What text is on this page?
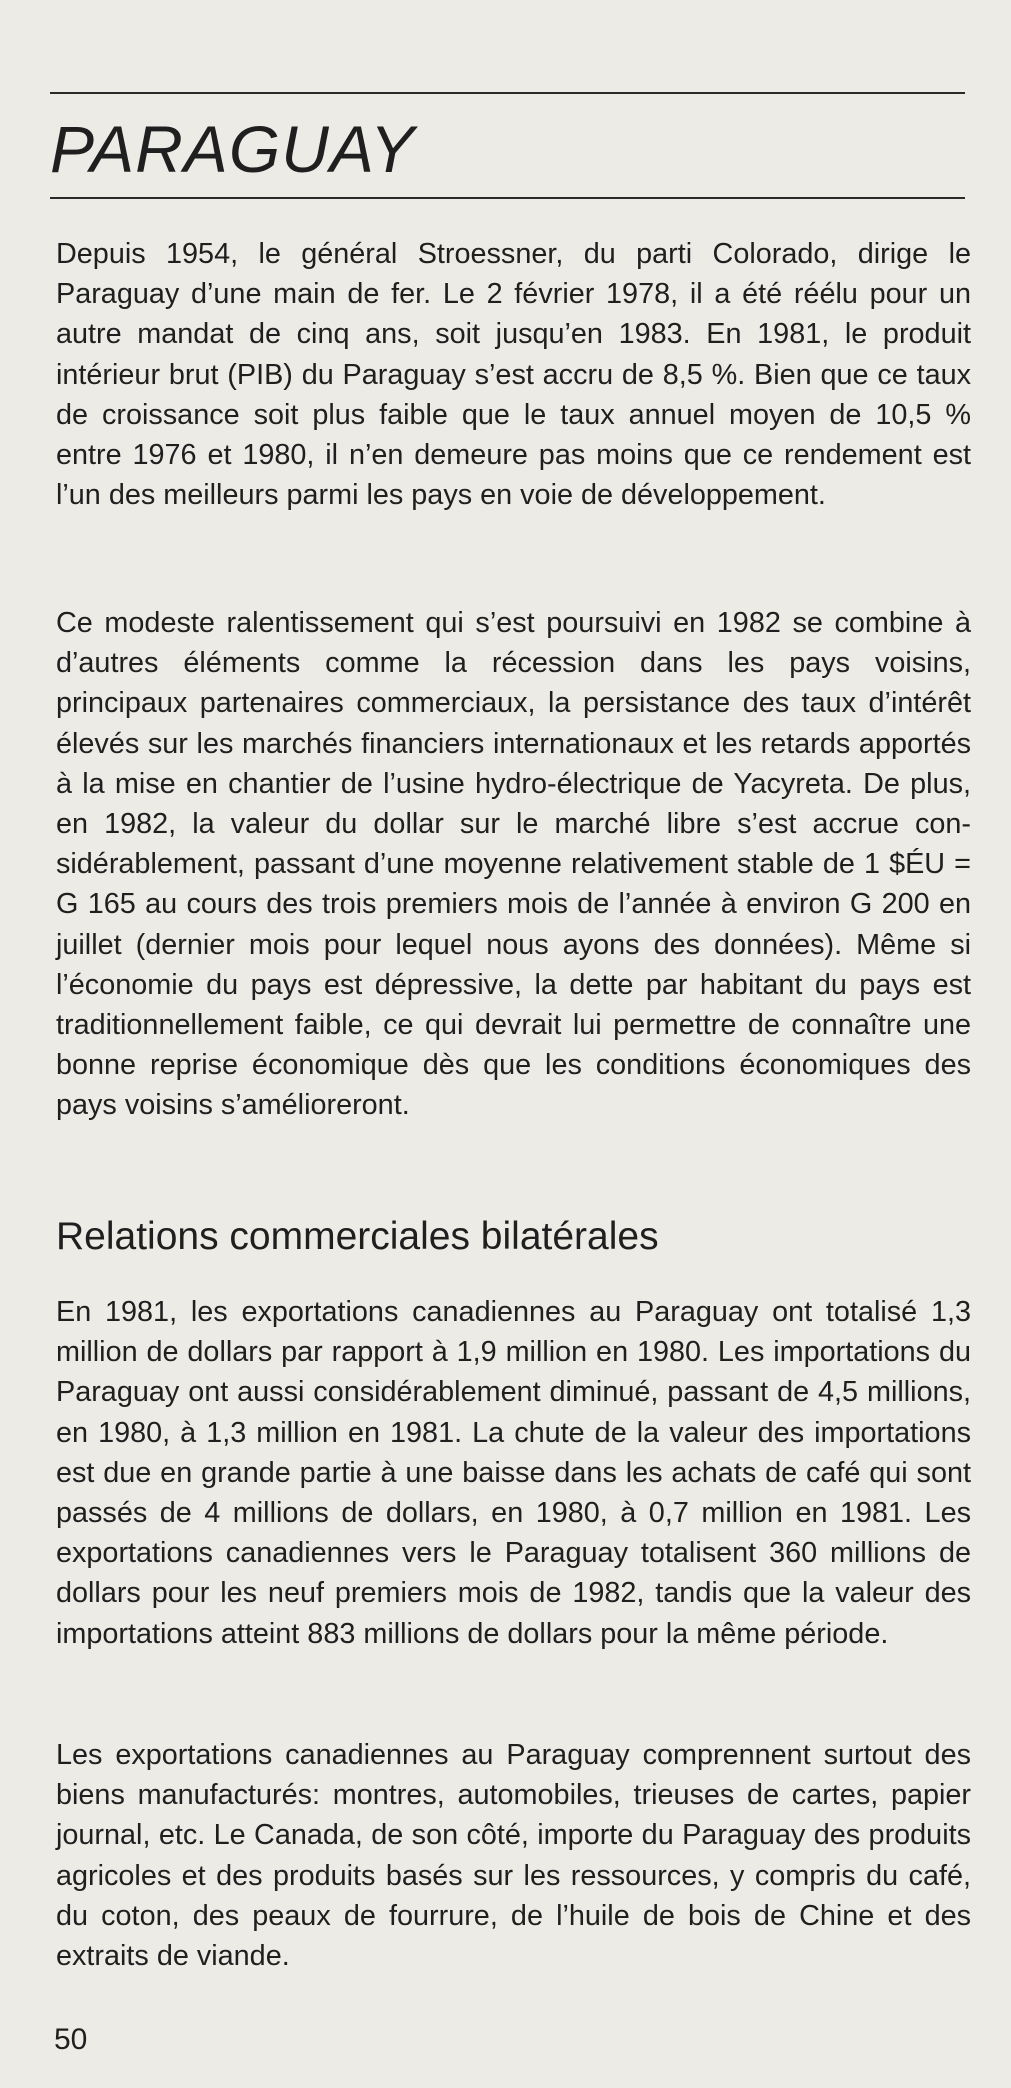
PARAGUAY

Depuis 1954, le général Stroessner, du parti Colorado, dirige le Paraguay d’une main de fer. Le 2 février 1978, il a été réélu pour un autre mandat de cinq ans, soit jusqu’en 1983. En 1981, le produit intérieur brut (PIB) du Paraguay s’est accru de 8,5 %. Bien que ce taux de croissance soit plus faible que le taux annuel moyen de 10,5 % entre 1976 et 1980, il n’en demeure pas moins que ce rendement est l’un des meilleurs parmi les pays en voie de développement.

Ce modeste ralentissement qui s’est poursuivi en 1982 se combine à d’autres éléments comme la récession dans les pays voisins, principaux partenaires commerciaux, la persistance des taux d’intérêt élevés sur les marchés financiers internationaux et les retards apportés à la mise en chantier de l’usine hydro-électrique de Yacyreta. De plus, en 1982, la valeur du dollar sur le marché libre s’est accrue considérablement, passant d’une moyenne relativement stable de 1 $ÉU = G 165 au cours des trois premiers mois de l’année à environ G 200 en juillet (dernier mois pour lequel nous ayons des données). Même si l’économie du pays est dépressive, la dette par habitant du pays est traditionnellement faible, ce qui devrait lui permettre de connaître une bonne reprise économique dès que les conditions économiques des pays voisins s’amélioreront.

Relations commerciales bilatérales

En 1981, les exportations canadiennes au Paraguay ont totalisé 1,3 million de dollars par rapport à 1,9 million en 1980. Les importations du Paraguay ont aussi considérablement diminué, passant de 4,5 millions, en 1980, à 1,3 million en 1981. La chute de la valeur des importations est due en grande partie à une baisse dans les achats de café qui sont passés de 4 millions de dollars, en 1980, à 0,7 million en 1981. Les exportations canadiennes vers le Paraguay totalisent 360 millions de dollars pour les neuf premiers mois de 1982, tandis que la valeur des importations atteint 883 millions de dollars pour la même période.

Les exportations canadiennes au Paraguay comprennent surtout des biens manufacturés: montres, automobiles, trieuses de cartes, papier journal, etc. Le Canada, de son côté, importe du Paraguay des produits agricoles et des produits basés sur les ressources, y compris du café, du coton, des peaux de fourrure, de l’huile de bois de Chine et des extraits de viande.

50
